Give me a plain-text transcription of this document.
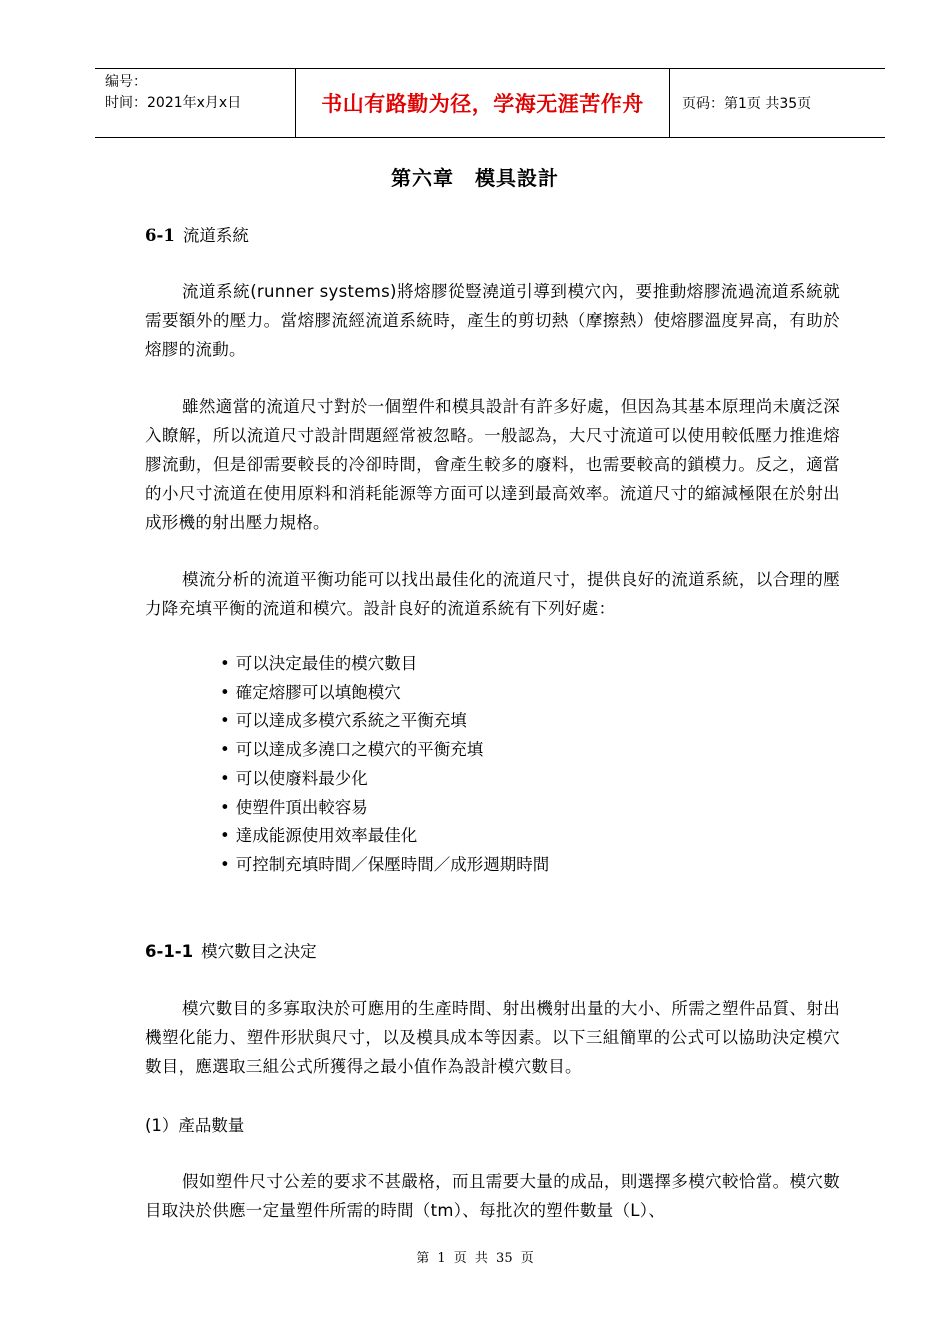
编号：
时间：2021年x月x日	书山有路勤为径，学海无涯苦作舟	页码：第1页 共35页
第六章　模具設計
6-1 流道系統
流道系統(runner systems)將熔膠從豎澆道引導到模穴內，要推動熔膠流過流道系統就需要額外的壓力。當熔膠流經流道系統時，產生的剪切熱（摩擦熱）使熔膠溫度昇高，有助於熔膠的流動。
雖然適當的流道尺寸對於一個塑件和模具設計有許多好處，但因為其基本原理尚未廣泛深入瞭解，所以流道尺寸設計問題經常被忽略。一般認為，大尺寸流道可以使用較低壓力推進熔膠流動，但是卻需要較長的冷卻時間，會產生較多的廢料，也需要較高的鎖模力。反之，適當的小尺寸流道在使用原料和消耗能源等方面可以達到最高效率。流道尺寸的縮減極限在於射出成形機的射出壓力規格。
模流分析的流道平衡功能可以找出最佳化的流道尺寸，提供良好的流道系統，以合理的壓力降充填平衡的流道和模穴。設計良好的流道系統有下列好處：
• 可以決定最佳的模穴數目
• 確定熔膠可以填飽模穴
• 可以達成多模穴系統之平衡充填
• 可以達成多澆口之模穴的平衡充填
• 可以使廢料最少化
• 使塑件頂出較容易
• 達成能源使用效率最佳化
• 可控制充填時間／保壓時間／成形週期時間
6-1-1 模穴數目之決定
模穴數目的多寡取決於可應用的生產時間、射出機射出量的大小、所需之塑件品質、射出機塑化能力、塑件形狀與尺寸，以及模具成本等因素。以下三組簡單的公式可以協助決定模穴數目，應選取三組公式所獲得之最小值作為設計模穴數目。
(1）產品數量
假如塑件尺寸公差的要求不甚嚴格，而且需要大量的成品，則選擇多模穴較恰當。模穴數目取決於供應一定量塑件所需的時間（tm）、每批次的塑件數量（L）、
第 1 页 共 35 页
